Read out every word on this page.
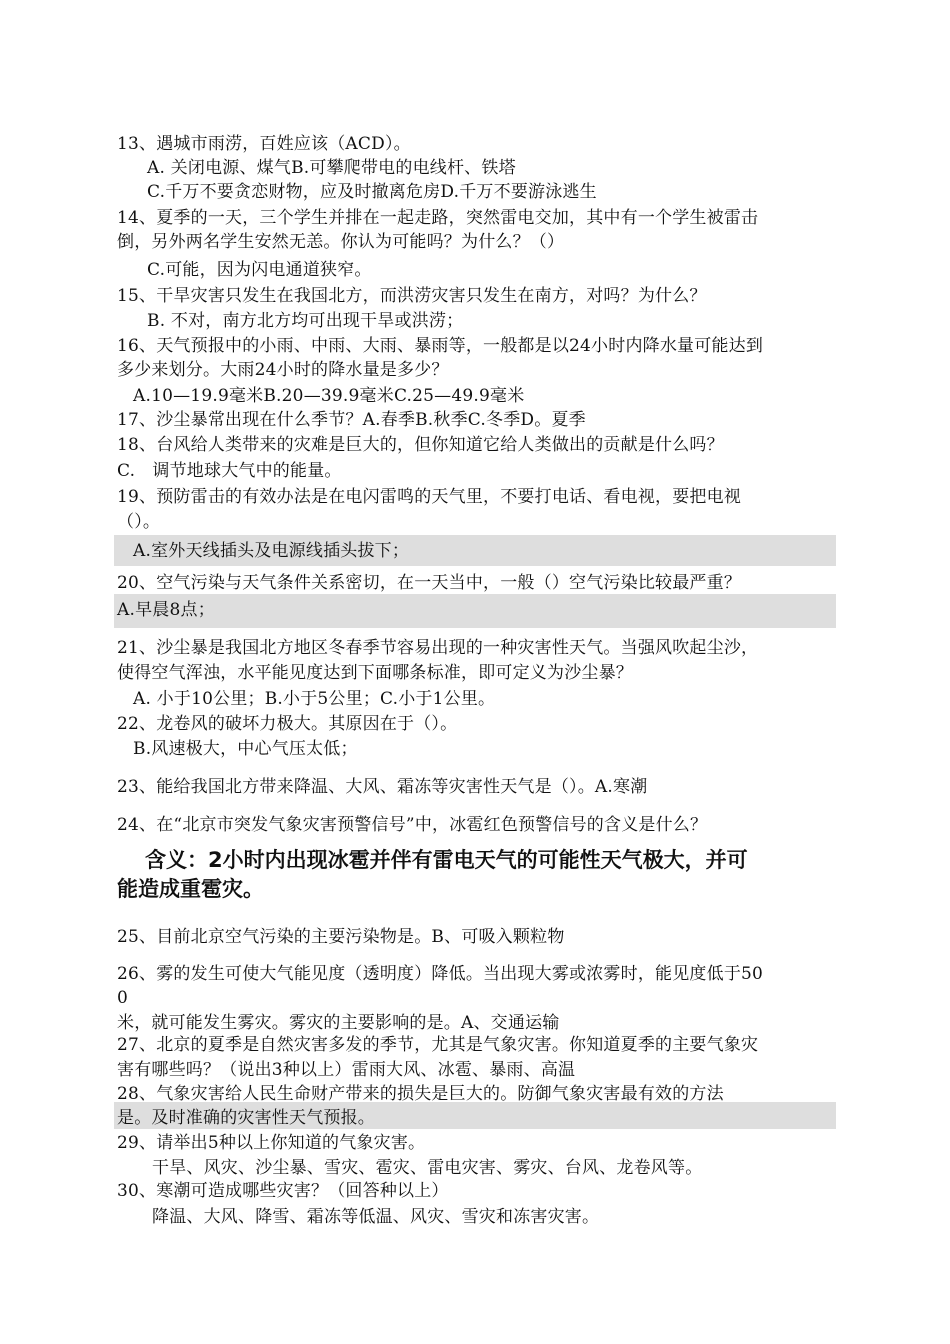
13、遇城市雨涝，百姓应该（ACD）。
A. 关闭电源、煤气B.可攀爬带电的电线杆、铁塔
C.千万不要贪恋财物，应及时撤离危房D.千万不要游泳逃生
14、夏季的一天，三个学生并排在一起走路，突然雷电交加，其中有一个学生被雷击
倒，另外两名学生安然无恙。你认为可能吗？为什么？（）
C.可能，因为闪电通道狭窄。
15、干旱灾害只发生在我国北方，而洪涝灾害只发生在南方，对吗？为什么？
B. 不对，南方北方均可出现干旱或洪涝；
16、天气预报中的小雨、中雨、大雨、暴雨等，一般都是以24小时内降水量可能达到
多少来划分。大雨24小时的降水量是多少？
A.10—19.9毫米B.20—39.9毫米C.25—49.9毫米
17、沙尘暴常出现在什么季节？A.春季B.秋季C.冬季D。夏季
18、台风给人类带来的灾难是巨大的，但你知道它给人类做出的贡献是什么吗？
C.　调节地球大气中的能量。
19、预防雷击的有效办法是在电闪雷鸣的天气里，不要打电话、看电视，要把电视
（）。
A.室外天线插头及电源线插头拔下；
20、空气污染与天气条件关系密切，在一天当中，一般（）空气污染比较最严重？
A.早晨8点；
21、沙尘暴是我国北方地区冬春季节容易出现的一种灾害性天气。当强风吹起尘沙，
使得空气浑浊，水平能见度达到下面哪条标准，即可定义为沙尘暴？
A. 小于10公里；B.小于5公里；C.小于1公里。
22、龙卷风的破坏力极大。其原因在于（）。
B.风速极大，中心气压太低；
23、能给我国北方带来降温、大风、霜冻等灾害性天气是（）。A.寒潮
24、在“北京市突发气象灾害预警信号”中，冰雹红色预警信号的含义是什么？
含义：2小时内出现冰雹并伴有雷电天气的可能性天气极大，并可
能造成重雹灾。
25、目前北京空气污染的主要污染物是。B、可吸入颗粒物
26、雾的发生可使大气能见度（透明度）降低。当出现大雾或浓雾时，能见度低于50
0
米，就可能发生雾灾。雾灾的主要影响的是。A、交通运输
27、北京的夏季是自然灾害多发的季节，尤其是气象灾害。你知道夏季的主要气象灾
害有哪些吗？（说出3种以上）雷雨大风、冰雹、暴雨、高温
28、气象灾害给人民生命财产带来的损失是巨大的。防御气象灾害最有效的方法
是。及时准确的灾害性天气预报。
29、请举出5种以上你知道的气象灾害。
干旱、风灾、沙尘暴、雪灾、雹灾、雷电灾害、雾灾、台风、龙卷风等。
30、寒潮可造成哪些灾害？（回答种以上）
降温、大风、降雪、霜冻等低温、风灾、雪灾和冻害灾害。
